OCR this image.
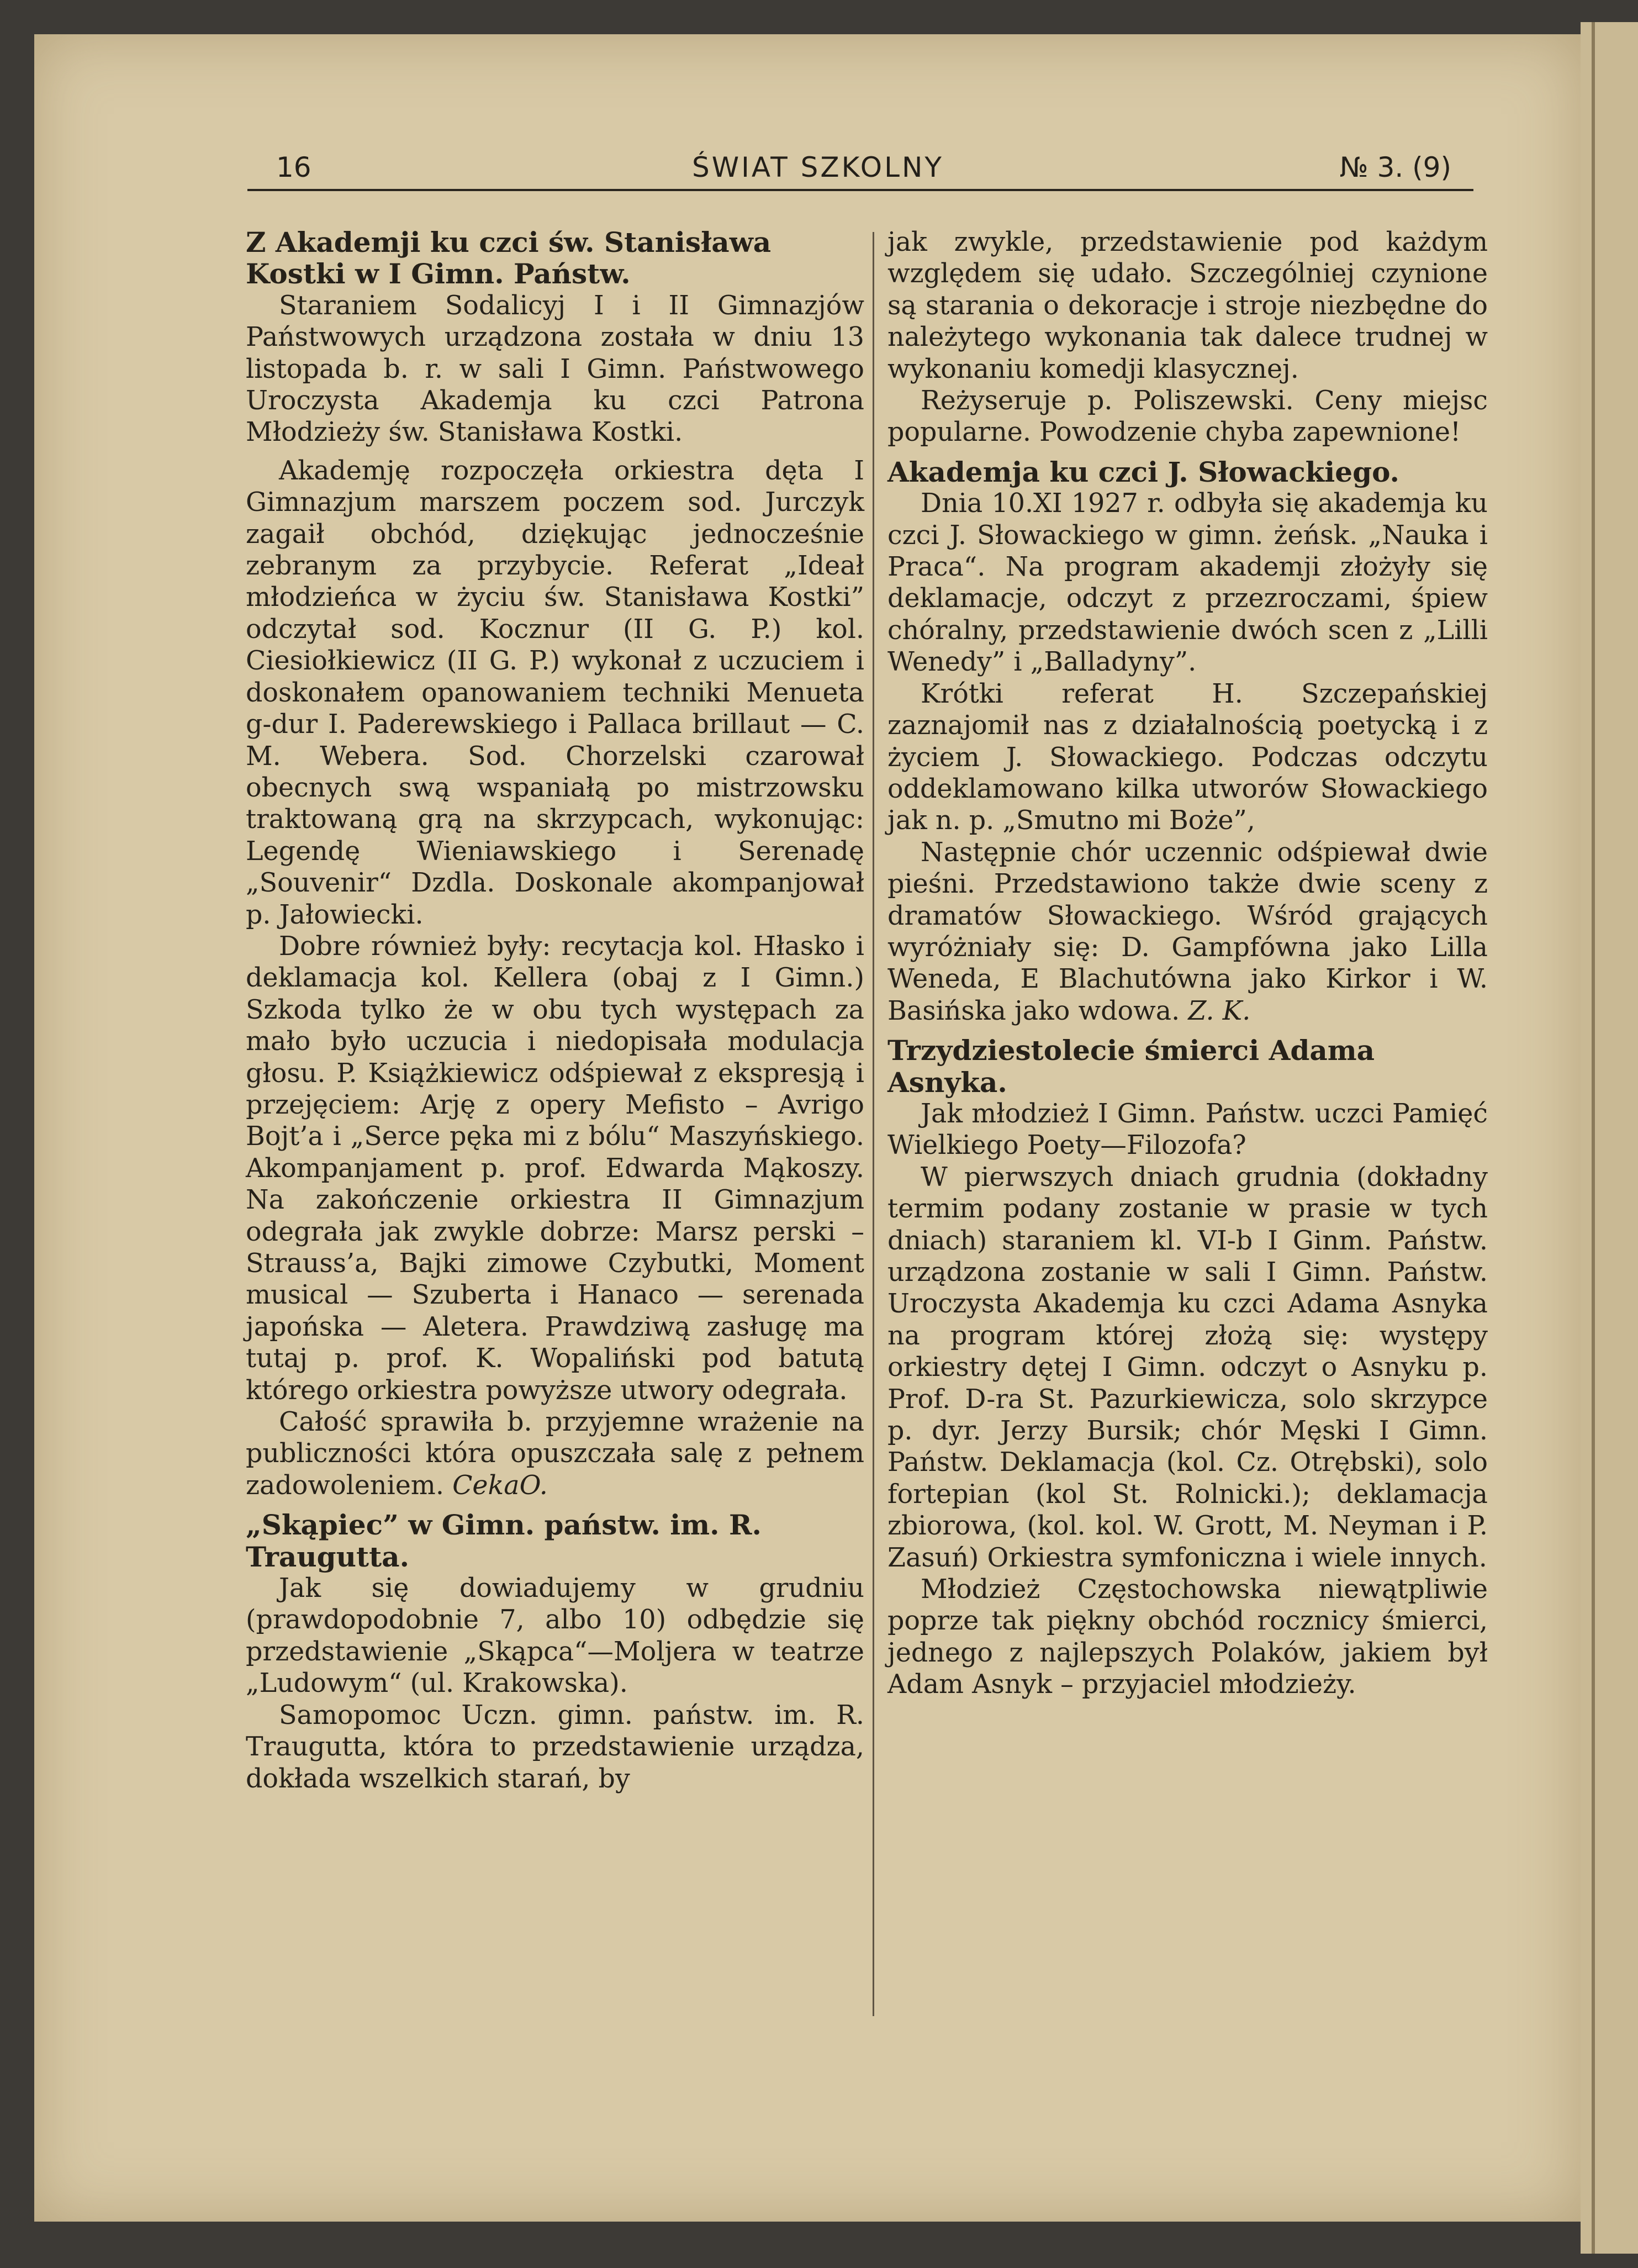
16	ŚWIAT SZKOLNY	№ 3. (9)

Z Akademji ku czci św. Stanisława Kostki w I Gimn. Państw.

Staraniem Sodalicyj I i II Gimnazjów Państwowych urządzona została w dniu 13 listopada b. r. w sali I Gimn. Państwowego Uroczysta Akademja ku czci Patrona Młodzieży św. Stanisława Kostki.

Akademję rozpoczęła orkiestra dęta I Gimnazjum marszem poczem sod. Jurczyk zagaił obchód, dziękując jednocześnie zebranym za przybycie. Referat „Ideał młodzieńca w życiu św. Stanisława Kostki” odczytał sod. Kocznur (II G. P.) kol. Ciesiołkiewicz (II G. P.) wykonał z uczuciem i doskonałem opanowaniem techniki Menueta g-dur I. Paderewskiego i Pallaca brillaut — C. M. Webera. Sod. Chorzelski czarował obecnych swą wspaniałą po mistrzowsku traktowaną grą na skrzypcach, wykonując: Legendę Wieniawskiego i Serenadę „Souvenir“ Dzdla. Doskonale akompanjował p. Jałowiecki.

Dobre również były: recytacja kol. Hłasko i deklamacja kol. Kellera (obaj z I Gimn.) Szkoda tylko że w obu tych występach za mało było uczucia i niedopisała modulacja głosu. P. Książkiewicz odśpiewał z ekspresją i przejęciem: Arję z opery Mefisto – Avrigo Bojt’a i „Serce pęka mi z bólu“ Maszyńskiego. Akompanjament p. prof. Edwarda Mąkoszy. Na zakończenie orkiestra II Gimnazjum odegrała jak zwykle dobrze: Marsz perski – Strauss’a, Bajki zimowe Czybutki, Moment musical — Szuberta i Hanaco — serenada japońska — Aletera. Prawdziwą zasługę ma tutaj p. prof. K. Wopaliński pod batutą którego orkiestra powyższe utwory odegrała.

Całość sprawiła b. przyjemne wrażenie na publiczności która opuszczała salę z pełnem zadowoleniem. CekaO.

„Skąpiec” w Gimn. państw. im. R. Traugutta.

Jak się dowiadujemy w grudniu (prawdopodobnie 7, albo 10) odbędzie się przedstawienie „Skąpca“—Moljera w teatrze „Ludowym“ (ul. Krakowska).

Samopomoc Uczn. gimn. państw. im. R. Traugutta, która to przedstawienie urządza, dokłada wszelkich starań, by

jak zwykle, przedstawienie pod każdym względem się udało. Szczególniej czynione są starania o dekoracje i stroje niezbędne do należytego wykonania tak dalece trudnej w wykonaniu komedji klasycznej.

Reżyseruje p. Poliszewski. Ceny miejsc popularne. Powodzenie chyba zapewnione!

Akademja ku czci J. Słowackiego.

Dnia 10.XI 1927 r. odbyła się akademja ku czci J. Słowackiego w gimn. żeńsk. „Nauka i Praca“. Na program akademji złożyły się deklamacje, odczyt z przezroczami, śpiew chóralny, przedstawienie dwóch scen z „Lilli Wenedy” i „Balladyny”.

Krótki referat H. Szczepańskiej zaznajomił nas z działalnością poetycką i z życiem J. Słowackiego. Podczas odczytu oddeklamowano kilka utworów Słowackiego jak n. p. „Smutno mi Boże”,

Następnie chór uczennic odśpiewał dwie pieśni. Przedstawiono także dwie sceny z dramatów Słowackiego. Wśród grających wyróżniały się: D. Gampfówna jako Lilla Weneda, E Blachutówna jako Kirkor i W. Basińska jako wdowa. Z. K.

Trzydziestolecie śmierci Adama Asnyka.

Jak młodzież I Gimn. Państw. uczci Pamięć Wielkiego Poety—Filozofa?

W pierwszych dniach grudnia (dokładny termim podany zostanie w prasie w tych dniach) staraniem kl. VI-b I Ginm. Państw. urządzona zostanie w sali I Gimn. Państw. Uroczysta Akademja ku czci Adama Asnyka na program której złożą się: występy orkiestry dętej I Gimn. odczyt o Asnyku p. Prof. D-ra St. Pazurkiewicza, solo skrzypce p. dyr. Jerzy Bursik; chór Męski I Gimn. Państw. Deklamacja (kol. Cz. Otrębski), solo fortepian (kol St. Rolnicki.); deklamacja zbiorowa, (kol. kol. W. Grott, M. Neyman i P. Zasuń) Orkiestra symfoniczna i wiele innych.

Młodzież Częstochowska niewątpliwie poprze tak piękny obchód rocznicy śmierci, jednego z najlepszych Polaków, jakiem był Adam Asnyk – przyjaciel młodzieży.
